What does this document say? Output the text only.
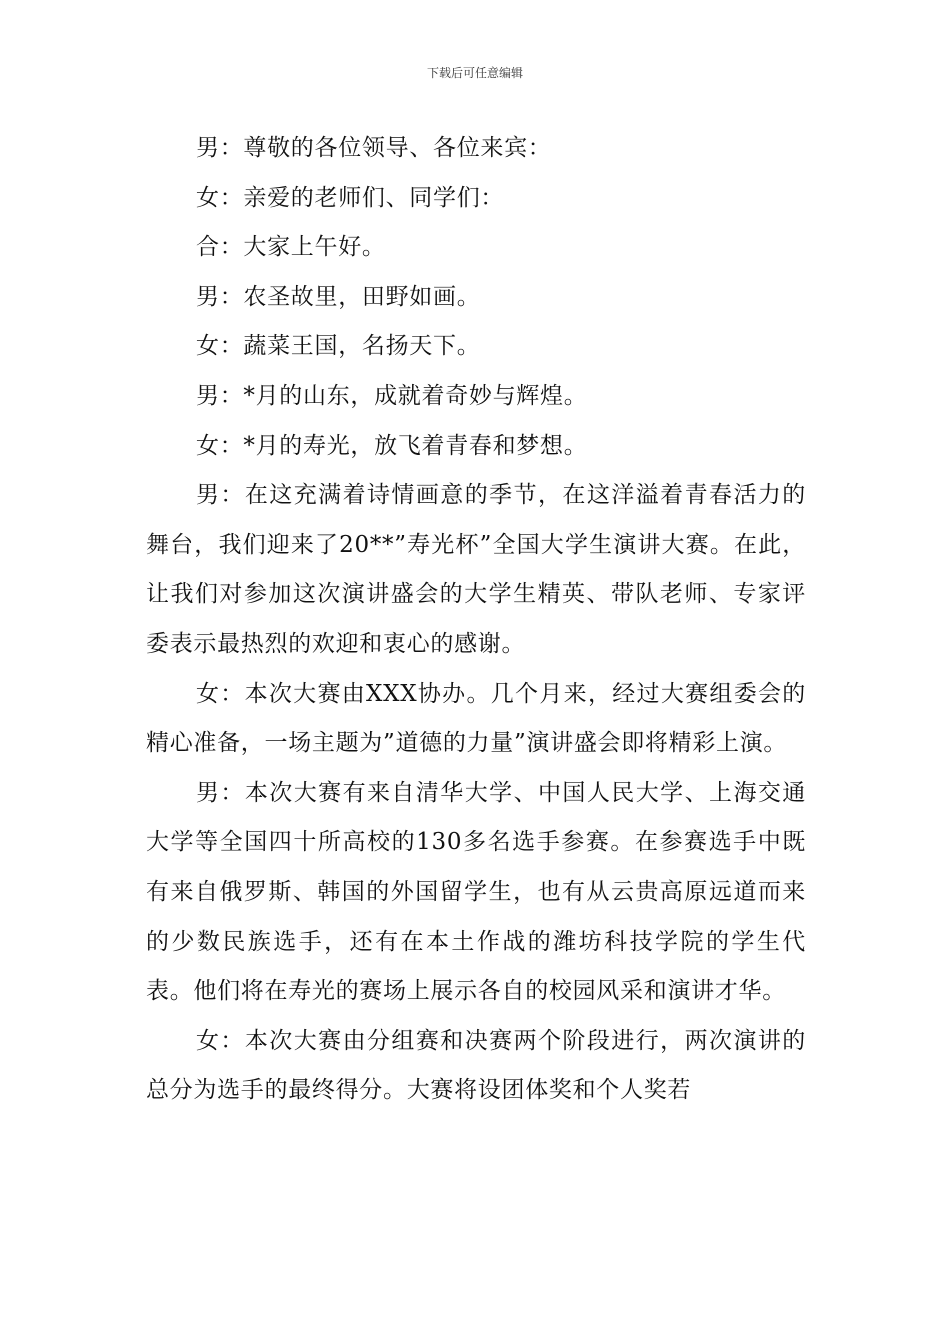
下载后可任意编辑

男：尊敬的各位领导、各位来宾：

女：亲爱的老师们、同学们：

合：大家上午好。

男：农圣故里，田野如画。

女：蔬菜王国，名扬天下。

男：*月的山东，成就着奇妙与辉煌。

女：*月的寿光，放飞着青春和梦想。

男：在这充满着诗情画意的季节，在这洋溢着青春活力的舞台，我们迎来了20**”寿光杯”全国大学生演讲大赛。在此，让我们对参加这次演讲盛会的大学生精英、带队老师、专家评委表示最热烈的欢迎和衷心的感谢。

女：本次大赛由XXX协办。几个月来，经过大赛组委会的精心准备，一场主题为”道德的力量”演讲盛会即将精彩上演。

男：本次大赛有来自清华大学、中国人民大学、上海交通大学等全国四十所高校的130多名选手参赛。在参赛选手中既有来自俄罗斯、韩国的外国留学生，也有从云贵高原远道而来的少数民族选手，还有在本土作战的潍坊科技学院的学生代表。他们将在寿光的赛场上展示各自的校园风采和演讲才华。

女：本次大赛由分组赛和决赛两个阶段进行，两次演讲的总分为选手的最终得分。大赛将设团体奖和个人奖若
